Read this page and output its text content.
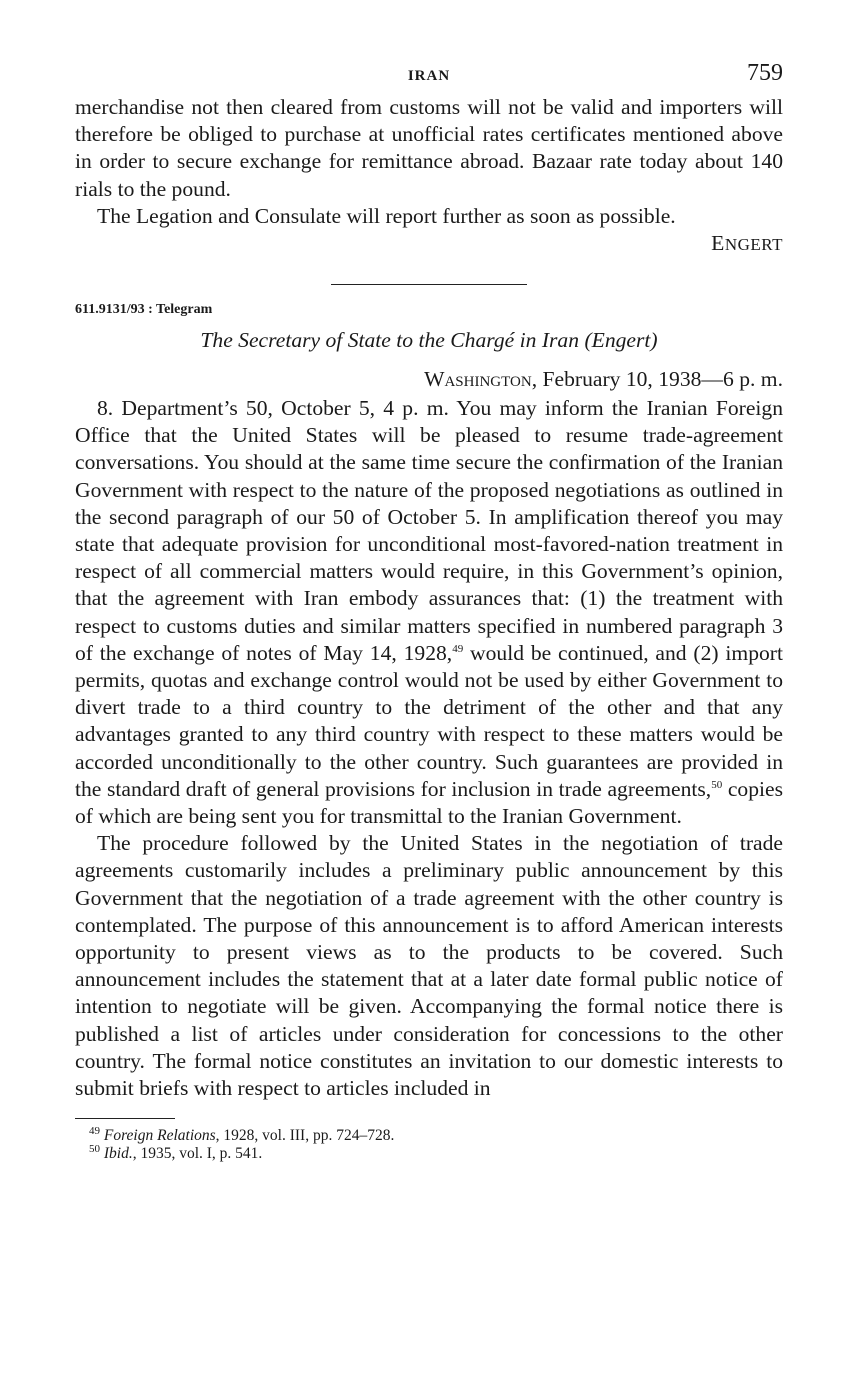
IRAN	759

merchandise not then cleared from customs will not be valid and importers will therefore be obliged to purchase at unofficial rates certificates mentioned above in order to secure exchange for remittance abroad. Bazaar rate today about 140 rials to the pound.

The Legation and Consulate will report further as soon as possible.

ENGERT
611.9131/93 : Telegram
The Secretary of State to the Chargé in Iran (Engert)
Washington, February 10, 1938—6 p. m.

8. Department’s 50, October 5, 4 p. m. You may inform the Iranian Foreign Office that the United States will be pleased to resume trade-agreement conversations. You should at the same time secure the confirmation of the Iranian Government with respect to the nature of the proposed negotiations as outlined in the second paragraph of our 50 of October 5. In amplification thereof you may state that adequate provision for unconditional most-favored-nation treatment in respect of all commercial matters would require, in this Government’s opinion, that the agreement with Iran embody assurances that: (1) the treatment with respect to customs duties and similar matters specified in numbered paragraph 3 of the exchange of notes of May 14, 1928,49 would be continued, and (2) import permits, quotas and exchange control would not be used by either Government to divert trade to a third country to the detriment of the other and that any advantages granted to any third country with respect to these matters would be accorded unconditionally to the other country. Such guarantees are provided in the standard draft of general provisions for inclusion in trade agreements,$^{50}$ copies of which are being sent you for transmittal to the Iranian Government.

The procedure followed by the United States in the negotiation of trade agreements customarily includes a preliminary public announcement by this Government that the negotiation of a trade agreement with the other country is contemplated. The purpose of this announcement is to afford American interests opportunity to present views as to the products to be covered. Such announcement includes the statement that at a later date formal public notice of intention to negotiate will be given. Accompanying the formal notice there is published a list of articles under consideration for concessions to the other country. The formal notice constitutes an invitation to our domestic interests to submit briefs with respect to articles included in

$^{49}$ Foreign Relations, 1928, vol. III, pp. 724–728.
$^{50}$ Ibid., 1935, vol. I, p. 541.
